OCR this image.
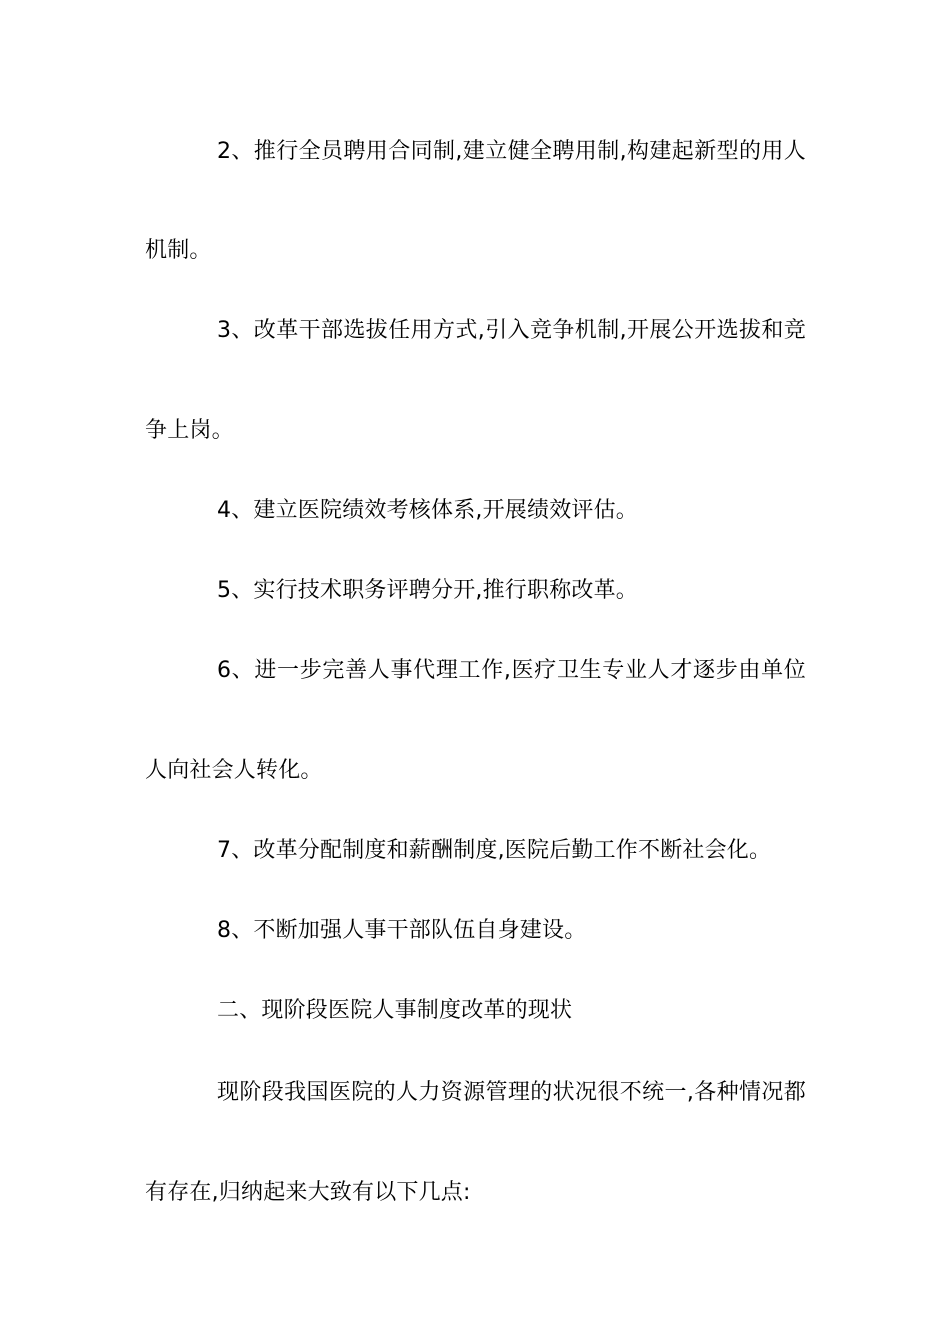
2、推行全员聘用合同制,建立健全聘用制,构建起新型的用人
机制。
3、改革干部选拔任用方式,引入竞争机制,开展公开选拔和竞
争上岗。
4、建立医院绩效考核体系,开展绩效评估。
5、实行技术职务评聘分开,推行职称改革。
6、进一步完善人事代理工作,医疗卫生专业人才逐步由单位
人向社会人转化。
7、改革分配制度和薪酬制度,医院后勤工作不断社会化。
8、不断加强人事干部队伍自身建设。
二、现阶段医院人事制度改革的现状
现阶段我国医院的人力资源管理的状况很不统一,各种情况都
有存在,归纳起来大致有以下几点:
